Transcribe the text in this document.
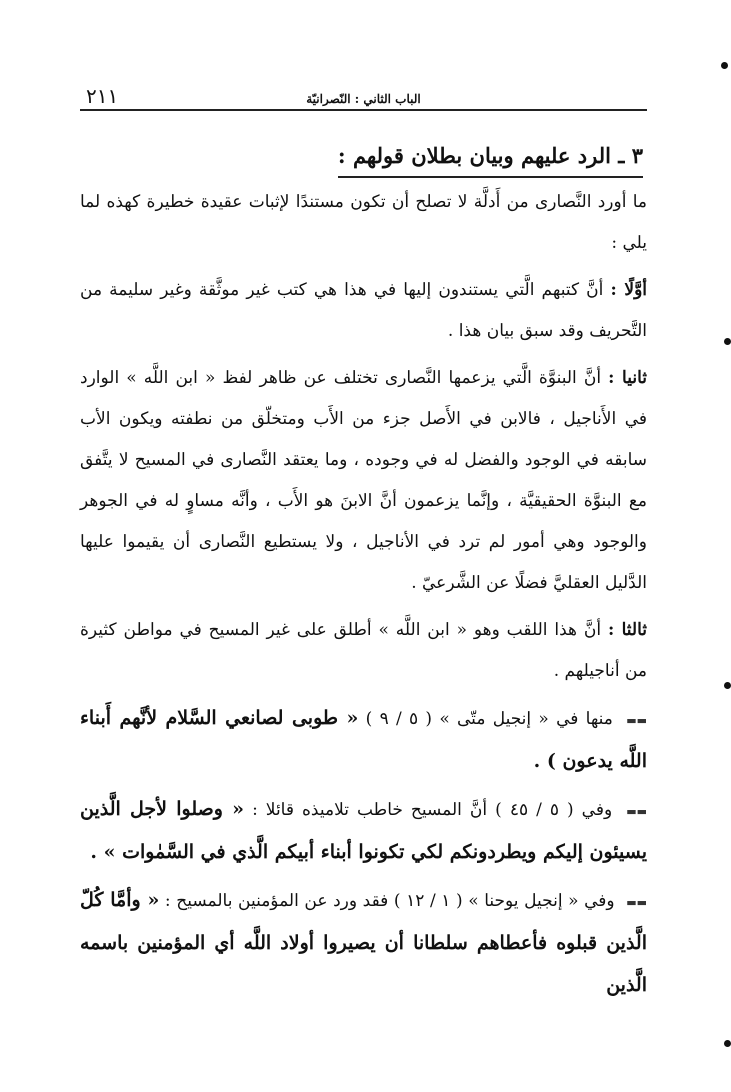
الباب الثاني : النّصرانيّة
٢١١
٣ ـ الرد عليهم وبيان بطلان قولهم :

ما أورد النَّصارى من أَدلَّة لا تصلح أن تكون مستندًا لإثبات عقيدة خطيرة كهذه لما يلي :

أوَّلًا : أنَّ كتبهم الَّتي يستندون إليها في هذا هي كتب غير موثَّقة وغير سليمة من التَّحريف وقد سبق بيان هذا .

ثانيا : أنَّ البنوَّة الَّتي يزعمها النَّصارى تختلف عن ظاهر لفظ « ابن اللَّه » الوارد في الأَناجيل ، فالابن في الأَصل جزء من الأَب ومتخلّق من نطفته ويكون الأب سابقه في الوجود والفضل له في وجوده ، وما يعتقد النَّصارى في المسيح لا يتَّفق مع البنوَّة الحقيقيَّة ، وإنَّما يزعمون أنَّ الابنَ هو الأَب ، وأنَّه مساوٍ له في الجوهر والوجود وهي أمور لم ترد في الأناجيل ، ولا يستطيع النَّصارى أن يقيموا عليها الدَّليل العقليَّ فضلًا عن الشَّرعيّ .

ثالثا : أنَّ هذا اللقب وهو « ابن اللَّه » أطلق على غير المسيح في مواطن كثيرة من أناجيلهم .

▬▬ منها في « إنجيل متّى » ( ٥ / ٩ ) « طوبى لصانعي السَّلام لأنَّهم أَبناء اللَّه يدعون ) .

▬▬ وفي ( ٥ / ٤٥ ) أنَّ المسيح خاطب تلاميذه قائلا : « وصلوا لأجل الَّذين يسيئون إليكم ويطردونكم لكي تكونوا أبناء أبيكم الَّذي في السَّمٰوات » .

▬▬ وفي « إنجيل يوحنا » ( ١ / ١٢ ) فقد ورد عن المؤمنين بالمسيح : « وأمَّا كُلّ الَّذين قبلوه فأعطاهم سلطانا أن يصيروا أولاد اللَّه أي المؤمنين باسمه الَّذين
